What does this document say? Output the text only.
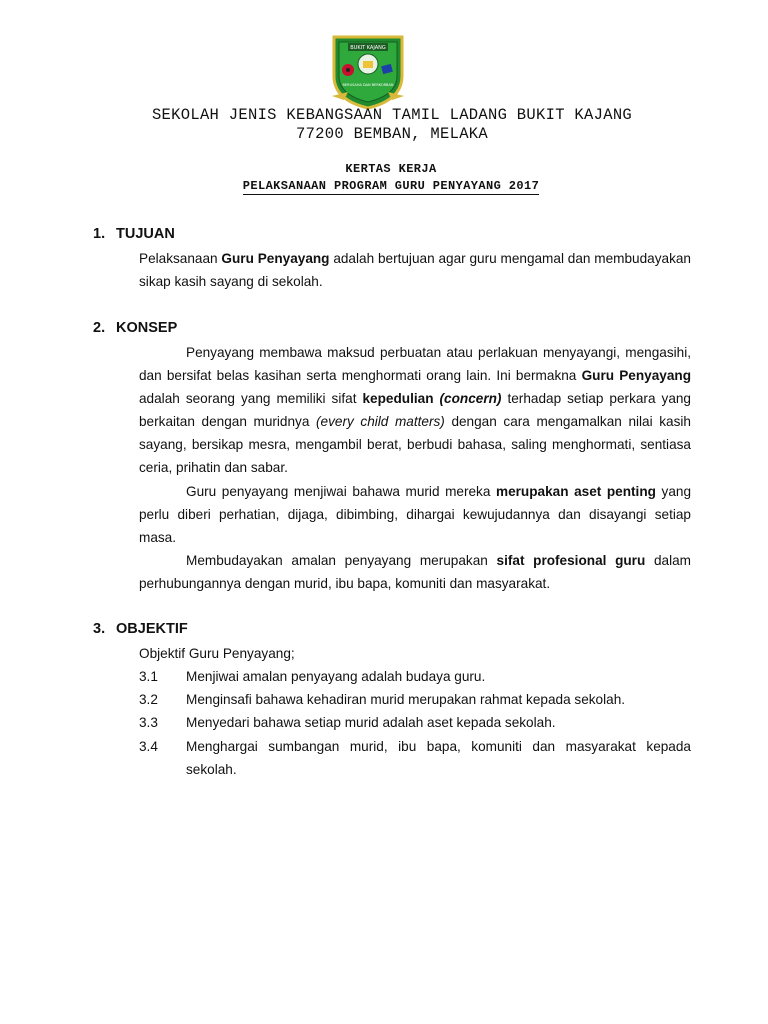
BUKIT KAJANG
BERUSAHA DAN BERKORBAN
SEKOLAH JENIS KEBANGSAAN TAMIL LADANG BUKIT KAJANG
77200 BEMBAN, MELAKA
KERTAS KERJA
PELAKSANAAN PROGRAM GURU PENYAYANG 2017
1. TUJUAN
Pelaksanaan Guru Penyayang adalah bertujuan agar guru mengamal dan membudayakan sikap kasih sayang di sekolah.
2. KONSEP
Penyayang membawa maksud perbuatan atau perlakuan menyayangi, mengasihi, dan bersifat belas kasihan serta menghormati orang lain. Ini bermakna Guru Penyayang adalah seorang yang memiliki sifat kepedulian (concern) terhadap setiap perkara yang berkaitan dengan muridnya (every child matters) dengan cara mengamalkan nilai kasih sayang, bersikap mesra, mengambil berat, berbudi bahasa, saling menghormati, sentiasa ceria, prihatin dan sabar.
Guru penyayang menjiwai bahawa murid mereka merupakan aset penting yang perlu diberi perhatian, dijaga, dibimbing, dihargai kewujudannya dan disayangi setiap masa.
Membudayakan amalan penyayang merupakan sifat profesional guru dalam perhubungannya dengan murid, ibu bapa, komuniti dan masyarakat.
3. OBJEKTIF
Objektif Guru Penyayang;
3.1 Menjiwai amalan penyayang adalah budaya guru.
3.2 Menginsafi bahawa kehadiran murid merupakan rahmat kepada sekolah.
3.3 Menyedari bahawa setiap murid adalah aset kepada sekolah.
3.4 Menghargai sumbangan murid, ibu bapa, komuniti dan masyarakat kepada sekolah.
